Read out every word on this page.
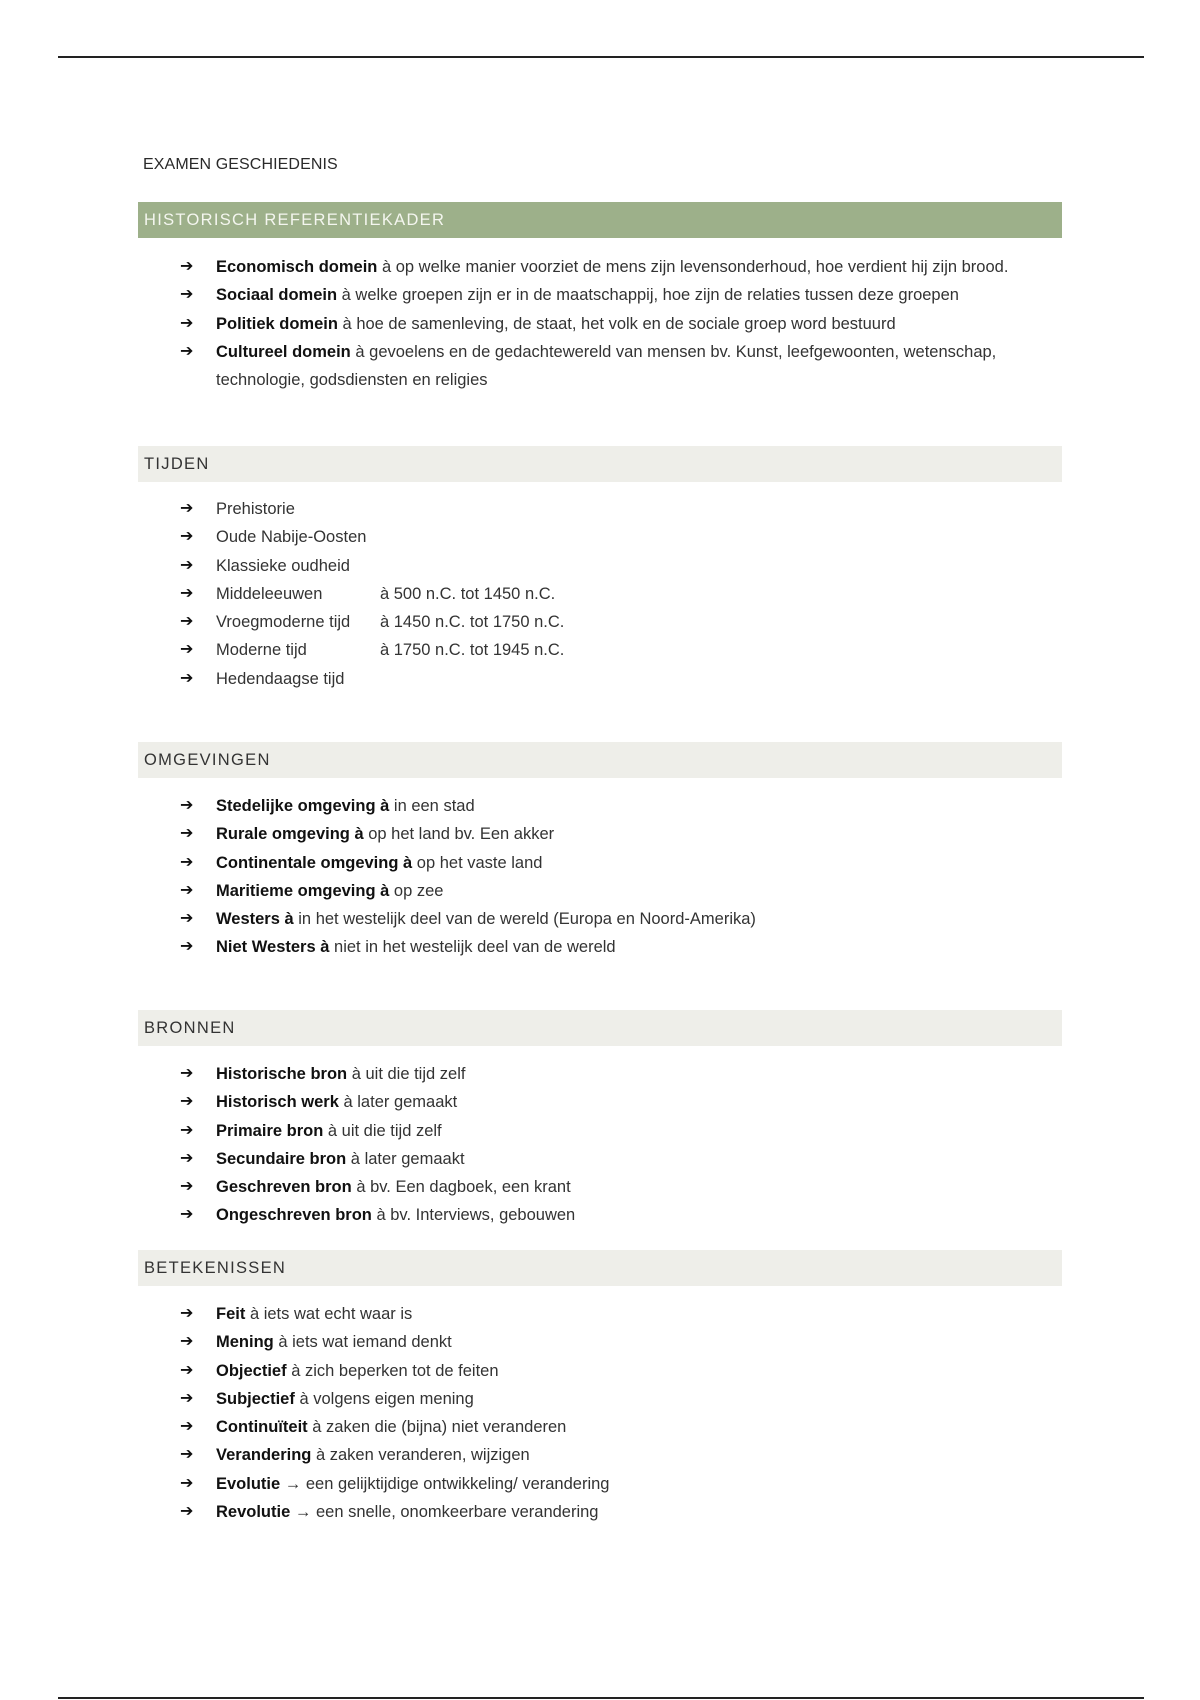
EXAMEN GESCHIEDENIS
HISTORISCH REFERENTIEKADER
➔ Economisch domein à op welke manier voorziet de mens zijn levensonderhoud, hoe verdient hij zijn brood.
➔ Sociaal domein à welke groepen zijn er in de maatschappij, hoe zijn de relaties tussen deze groepen
➔ Politiek domein à hoe de samenleving, de staat, het volk en de sociale groep word bestuurd
➔ Cultureel domein à gevoelens en de gedachtewereld van mensen bv. Kunst, leefgewoonten, wetenschap, technologie, godsdiensten en religies
TIJDEN
➔ Prehistorie
➔ Oude Nabije-Oosten
➔ Klassieke oudheid
➔ Middeleeuwen	à 500 n.C. tot 1450 n.C.
➔ Vroegmoderne tijd à 1450 n.C. tot 1750 n.C.
➔ Moderne tijd	à 1750 n.C. tot 1945 n.C.
➔ Hedendaagse tijd
OMGEVINGEN
➔ Stedelijke omgeving à in een stad
➔ Rurale omgeving à op het land bv. Een akker
➔ Continentale omgeving à op het vaste land
➔ Maritieme omgeving à op zee
➔ Westers à in het westelijk deel van de wereld (Europa en Noord-Amerika)
➔ Niet Westers à niet in het westelijk deel van de wereld
BRONNEN
➔ Historische bron à uit die tijd zelf
➔ Historisch werk à later gemaakt
➔ Primaire bron à uit die tijd zelf
➔ Secundaire bron à later gemaakt
➔ Geschreven bron à bv. Een dagboek, een krant
➔ Ongeschreven bron à bv. Interviews, gebouwen
BETEKENISSEN
➔ Feit à iets wat echt waar is
➔ Mening à iets wat iemand denkt
➔ Objectief à zich beperken tot de feiten
➔ Subjectief à volgens eigen mening
➔ Continuïteit à zaken die (bijna) niet veranderen
➔ Verandering à zaken veranderen, wijzigen
➔ Evolutie → een gelijktijdige ontwikkeling/ verandering
➔ Revolutie → een snelle, onomkeerbare verandering
